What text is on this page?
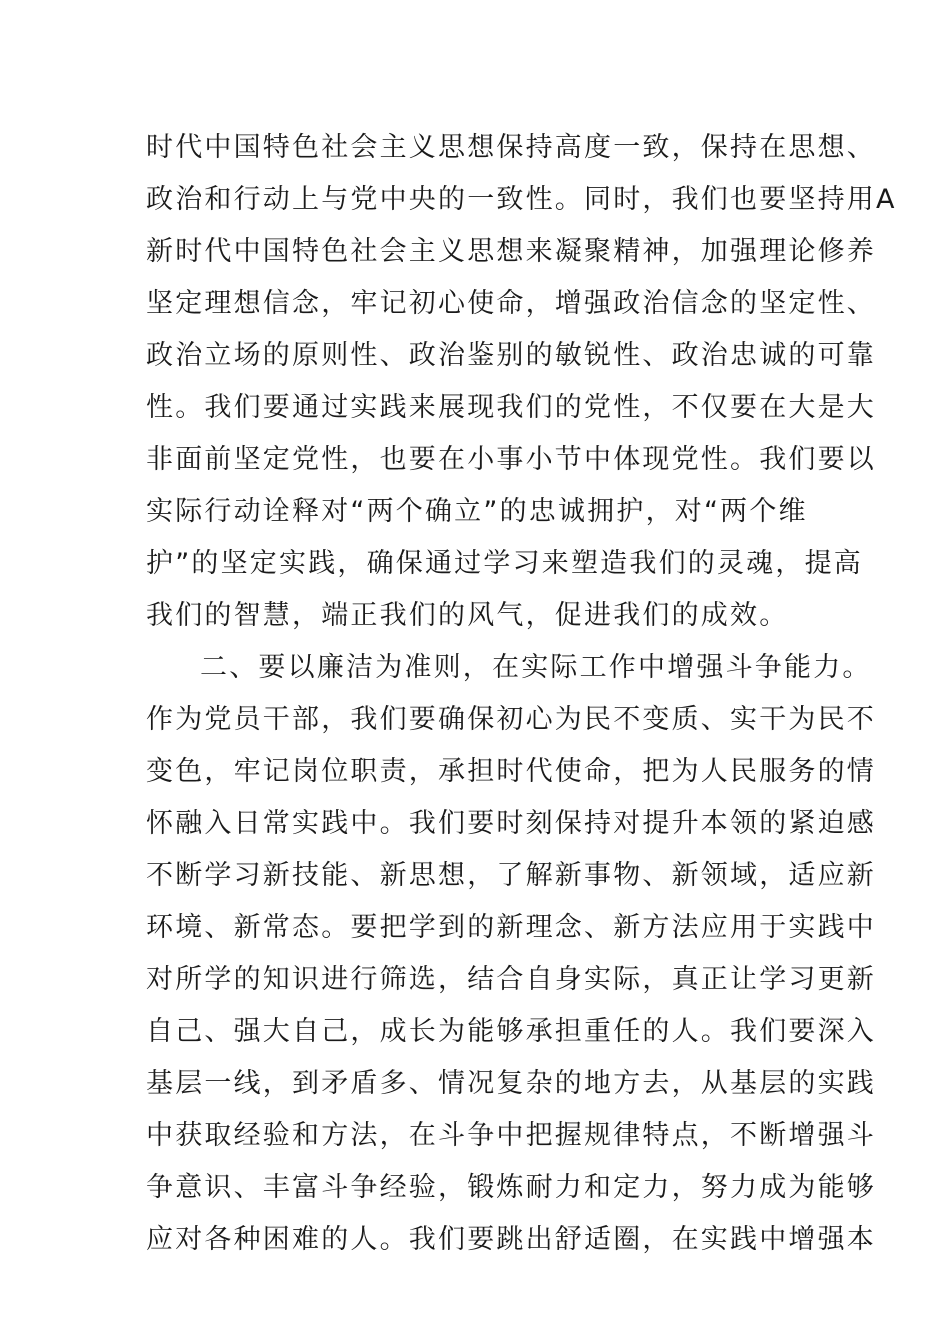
时代中国特色社会主义思想保持高度一致，保持在思想、
政治和行动上与党中央的一致性。同时，我们也要坚持用A
新时代中国特色社会主义思想来凝聚精神，加强理论修养
坚定理想信念，牢记初心使命，增强政治信念的坚定性、
政治立场的原则性、政治鉴别的敏锐性、政治忠诚的可靠
性。我们要通过实践来展现我们的党性，不仅要在大是大
非面前坚定党性，也要在小事小节中体现党性。我们要以
实际行动诠释对“两个确立”的忠诚拥护，对“两个维
护”的坚定实践，确保通过学习来塑造我们的灵魂，提高
我们的智慧，端正我们的风气，促进我们的成效。
二、要以廉洁为准则，在实际工作中增强斗争能力。
作为党员干部，我们要确保初心为民不变质、实干为民不
变色，牢记岗位职责，承担时代使命，把为人民服务的情
怀融入日常实践中。我们要时刻保持对提升本领的紧迫感
不断学习新技能、新思想，了解新事物、新领域，适应新
环境、新常态。要把学到的新理念、新方法应用于实践中
对所学的知识进行筛选，结合自身实际，真正让学习更新
自己、强大自己，成长为能够承担重任的人。我们要深入
基层一线，到矛盾多、情况复杂的地方去，从基层的实践
中获取经验和方法，在斗争中把握规律特点，不断增强斗
争意识、丰富斗争经验，锻炼耐力和定力，努力成为能够
应对各种困难的人。我们要跳出舒适圈，在实践中增强本
